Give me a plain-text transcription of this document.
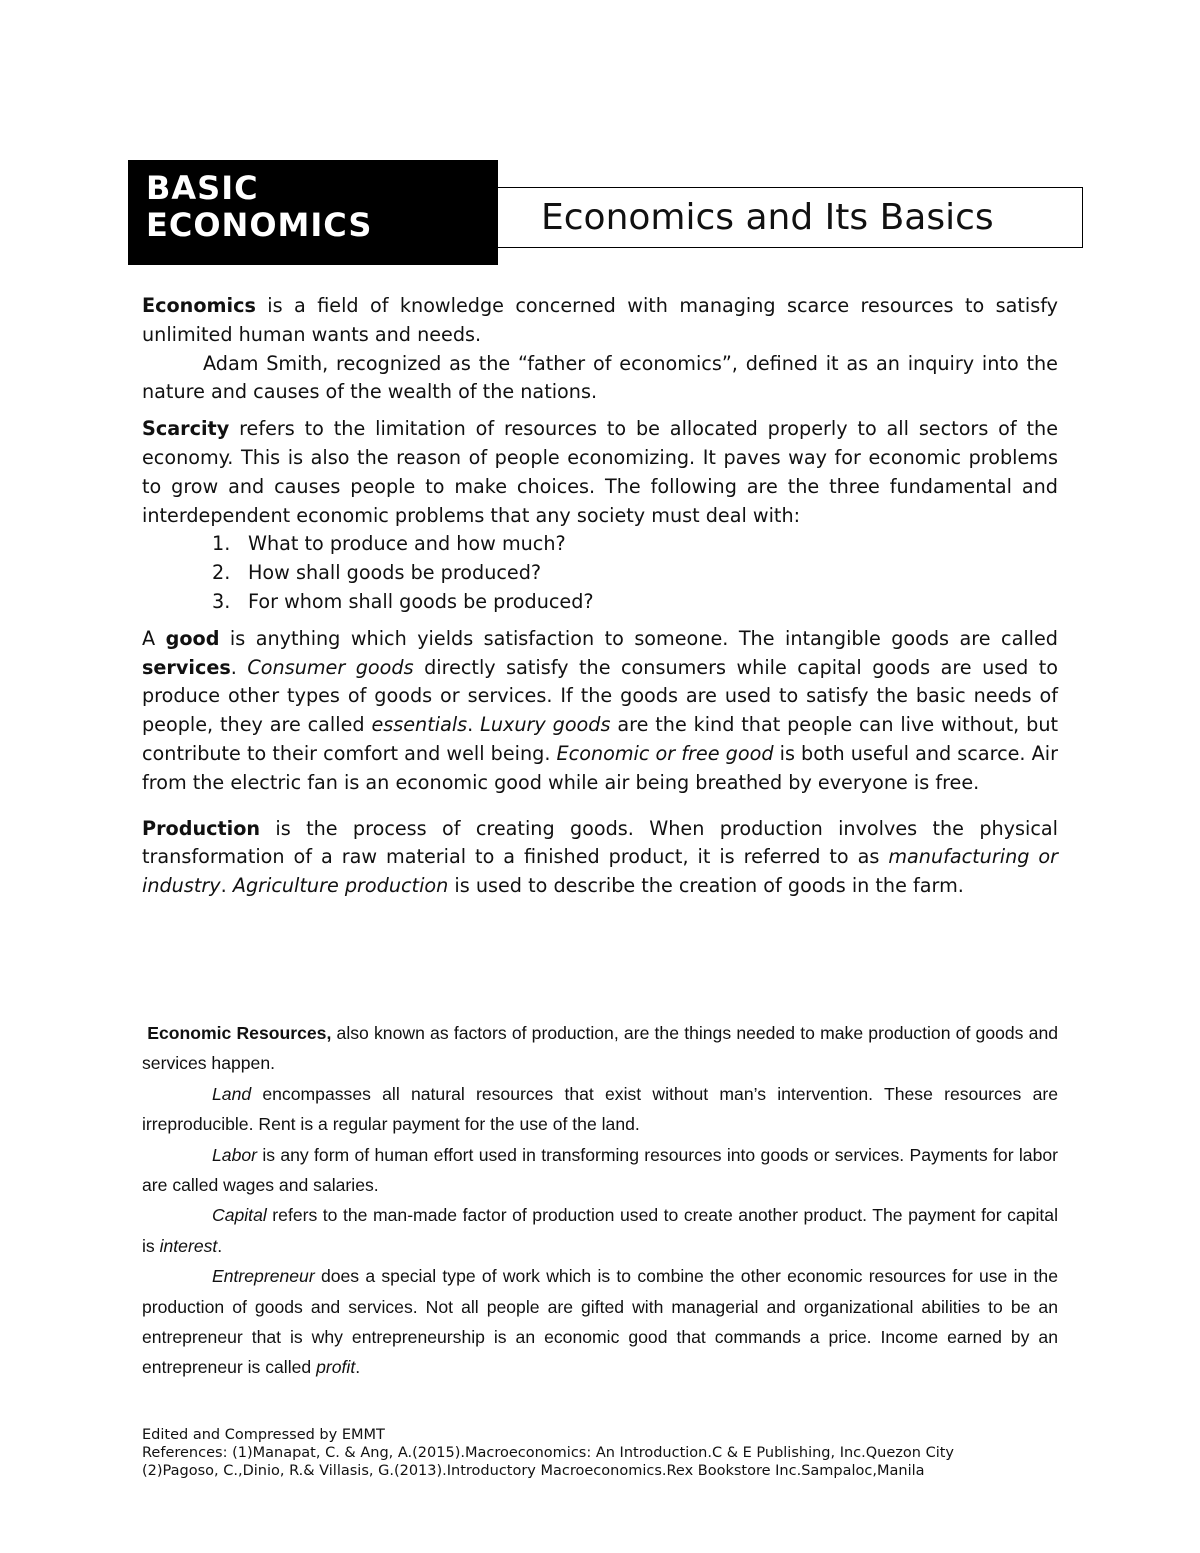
BASIC
ECONOMICS	Economics and Its Basics

Economics is a field of knowledge concerned with managing scarce resources to satisfy unlimited human wants and needs.

Adam Smith, recognized as the “father of economics”, defined it as an inquiry into the nature and causes of the wealth of the nations.

Scarcity refers to the limitation of resources to be allocated properly to all sectors of the economy. This is also the reason of people economizing. It paves way for economic problems to grow and causes people to make choices. The following are the three fundamental and interdependent economic problems that any society must deal with:

1. What to produce and how much?
2. How shall goods be produced?
3. For whom shall goods be produced?

A good is anything which yields satisfaction to someone. The intangible goods are called services. Consumer goods directly satisfy the consumers while capital goods are used to produce other types of goods or services. If the goods are used to satisfy the basic needs of people, they are called essentials. Luxury goods are the kind that people can live without, but contribute to their comfort and well being. Economic or free good is both useful and scarce. Air from the electric fan is an economic good while air being breathed by everyone is free.

Production is the process of creating goods. When production involves the physical transformation of a raw material to a finished product, it is referred to as manufacturing or industry. Agriculture production is used to describe the creation of goods in the farm.

Economic Resources, also known as factors of production, are the things needed to make production of goods and services happen.

Land encompasses all natural resources that exist without man’s intervention. These resources are irreproducible. Rent is a regular payment for the use of the land.

Labor is any form of human effort used in transforming resources into goods or services. Payments for labor are called wages and salaries.

Capital refers to the man-made factor of production used to create another product. The payment for capital is interest.

Entrepreneur does a special type of work which is to combine the other economic resources for use in the production of goods and services. Not all people are gifted with managerial and organizational abilities to be an entrepreneur that is why entrepreneurship is an economic good that commands a price. Income earned by an entrepreneur is called profit.

Edited and Compressed by EMMT
References: (1)Manapat, C. & Ang, A.(2015).Macroeconomics: An Introduction.C & E Publishing, Inc.Quezon City
(2)Pagoso, C.,Dinio, R.& Villasis, G.(2013).Introductory Macroeconomics.Rex Bookstore Inc.Sampaloc,Manila
